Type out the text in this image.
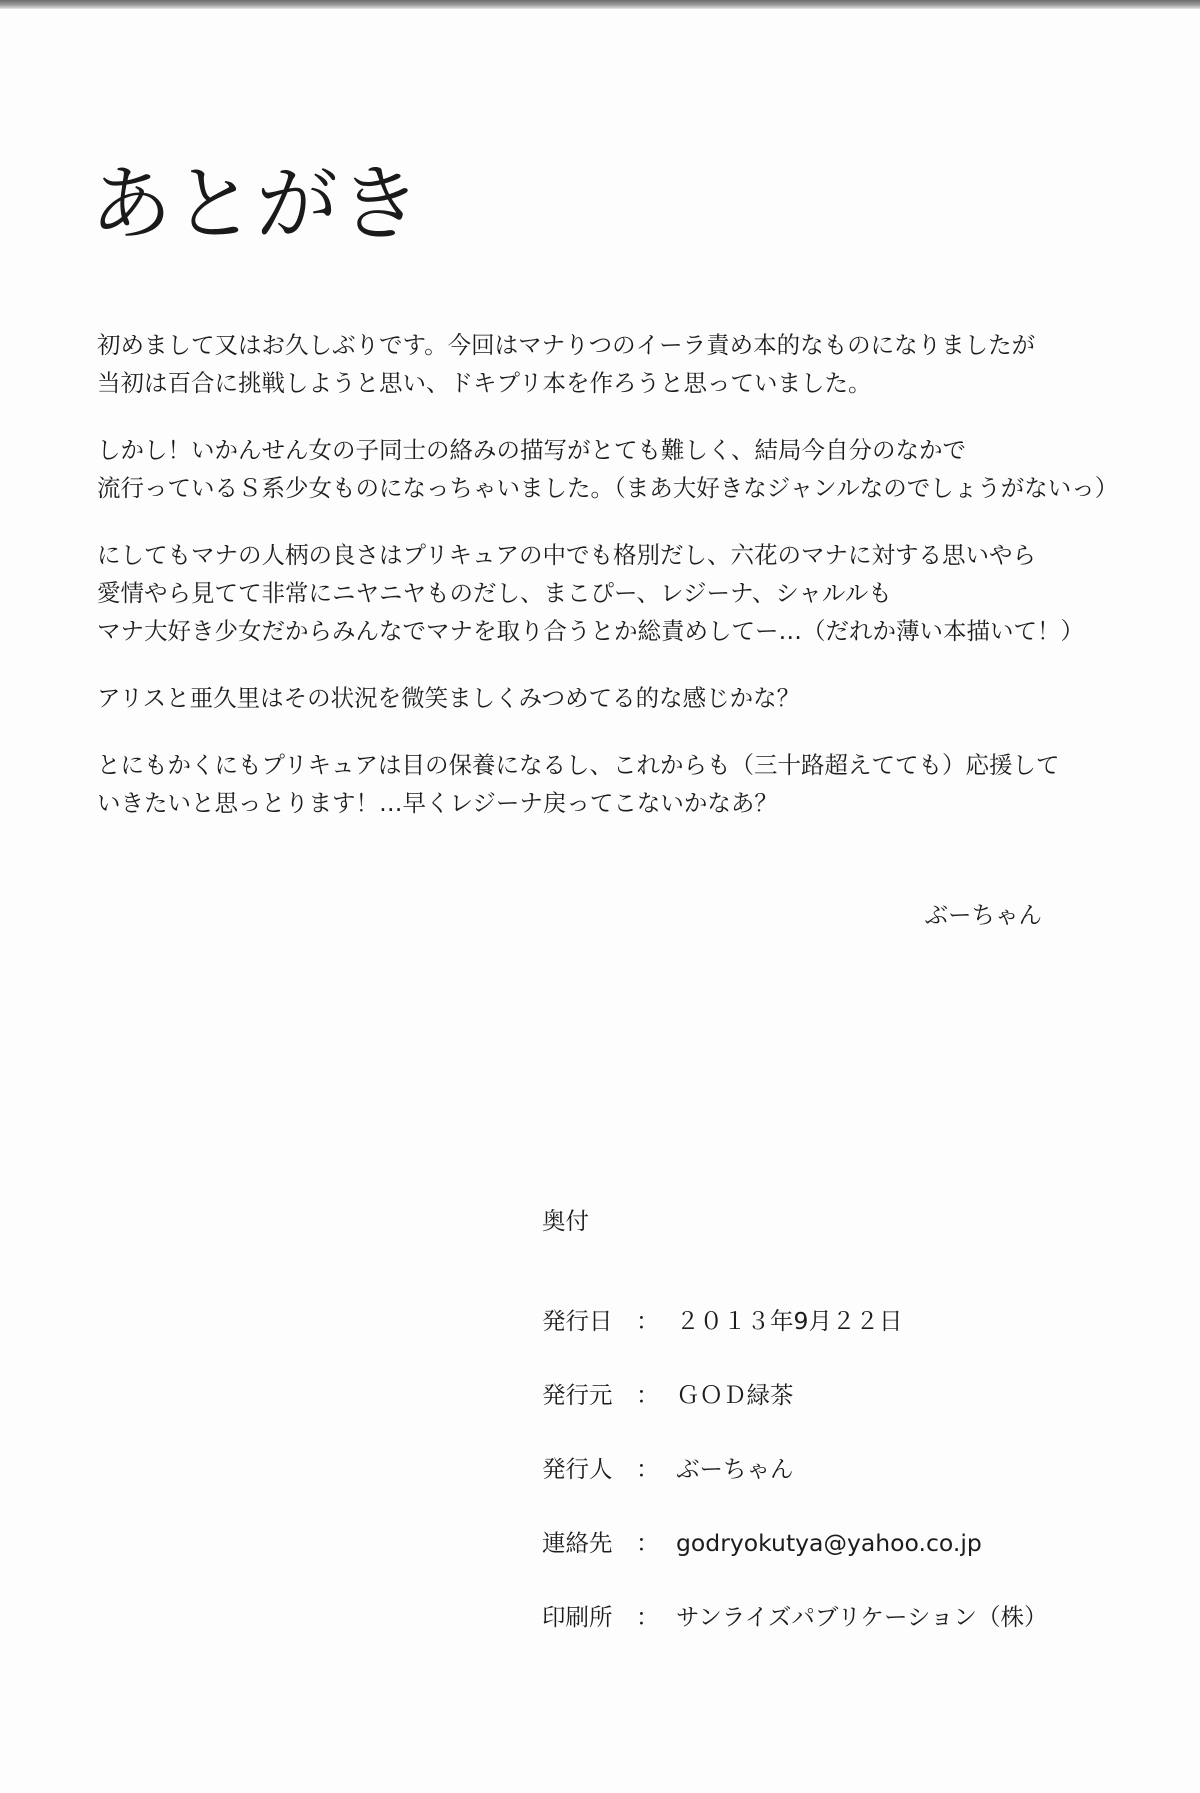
あとがき
初めまして又はお久しぶりです。今回はマナりつのイーラ責め本的なものになりましたが
当初は百合に挑戦しようと思い、ドキプリ本を作ろうと思っていました。
しかし！いかんせん女の子同士の絡みの描写がとても難しく、結局今自分のなかで
流行っているＳ系少女ものになっちゃいました。（まあ大好きなジャンルなのでしょうがないっ）
にしてもマナの人柄の良さはプリキュアの中でも格別だし、六花のマナに対する思いやら
愛情やら見てて非常にニヤニヤものだし、まこぴー、レジーナ、シャルルも
マナ大好き少女だからみんなでマナを取り合うとか総責めしてー…（だれか薄い本描いて！）
アリスと亜久里はその状況を微笑ましくみつめてる的な感じかな？
とにもかくにもプリキュアは目の保養になるし、これからも（三十路超えてても）応援して
いきたいと思っとります！…早くレジーナ戻ってこないかなあ？
ぶーちゃん
奥付
発行日	： ２０１３年9月２２日
発行元	： ＧＯＤ緑茶
発行人	： ぶーちゃん
連絡先	： godryokutya@yahoo.co.jp
印刷所	： サンライズパブリケーション（株）
